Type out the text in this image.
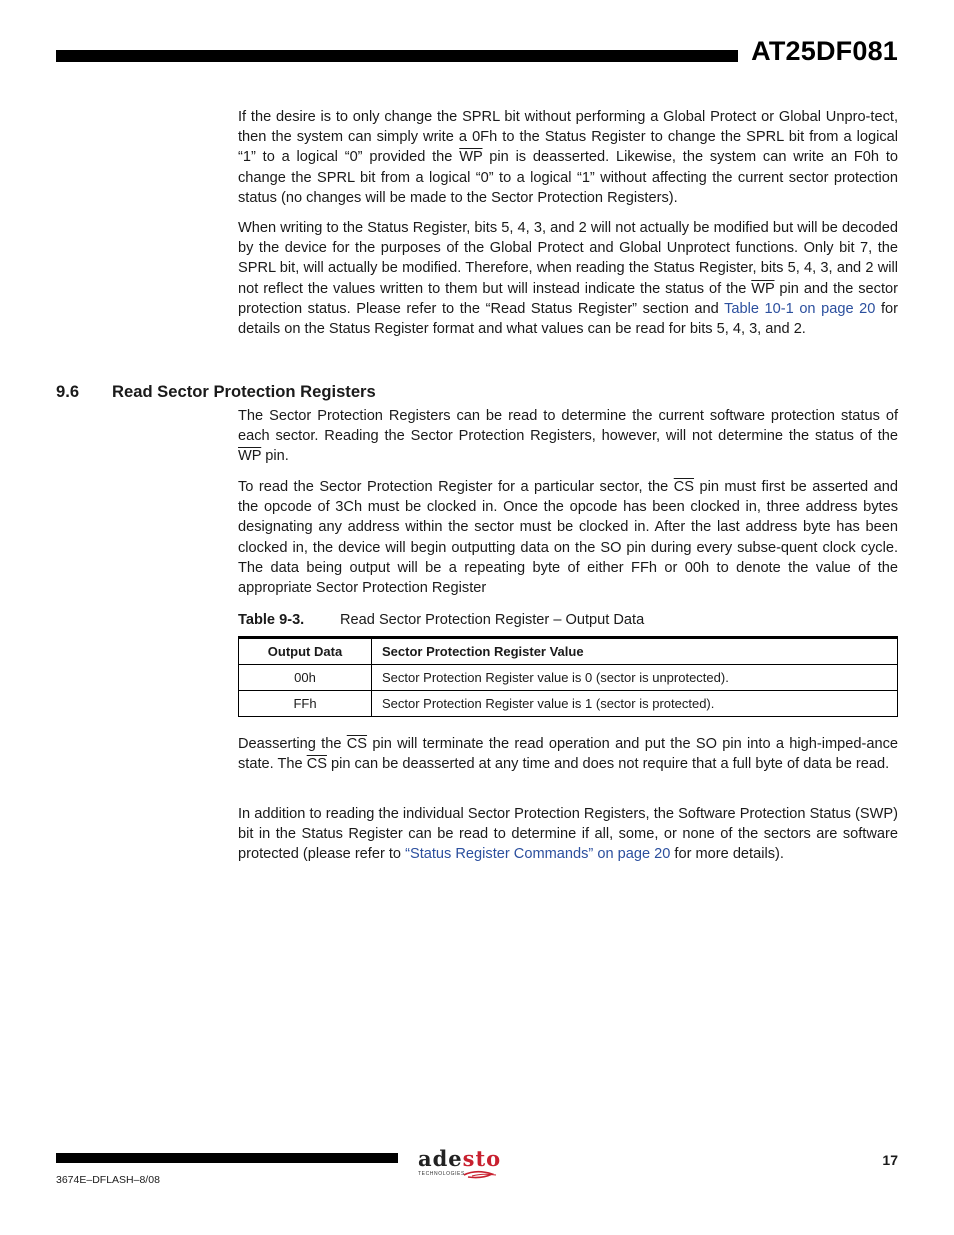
AT25DF081

If the desire is to only change the SPRL bit without performing a Global Protect or Global Unpro-tect, then the system can simply write a 0Fh to the Status Register to change the SPRL bit from a logical “1” to a logical “0” provided the $\overline{WP}$ pin is deasserted. Likewise, the system can write an F0h to change the SPRL bit from a logical “0” to a logical “1” without affecting the current sector protection status (no changes will be made to the Sector Protection Registers).

When writing to the Status Register, bits 5, 4, 3, and 2 will not actually be modified but will be decoded by the device for the purposes of the Global Protect and Global Unprotect functions. Only bit 7, the SPRL bit, will actually be modified. Therefore, when reading the Status Register, bits 5, 4, 3, and 2 will not reflect the values written to them but will instead indicate the status of the $\overline{WP}$ pin and the sector protection status. Please refer to the “Read Status Register” section and Table 10-1 on page 20 for details on the Status Register format and what values can be read for bits 5, 4, 3, and 2.

9.6 Read Sector Protection Registers

The Sector Protection Registers can be read to determine the current software protection status of each sector. Reading the Sector Protection Registers, however, will not determine the status of the $\overline{WP}$ pin.

To read the Sector Protection Register for a particular sector, the $\overline{CS}$ pin must first be asserted and the opcode of 3Ch must be clocked in. Once the opcode has been clocked in, three address bytes designating any address within the sector must be clocked in. After the last address byte has been clocked in, the device will begin outputting data on the SO pin during every subse-quent clock cycle. The data being output will be a repeating byte of either FFh or 00h to denote the value of the appropriate Sector Protection Register

Table 9-3. Read Sector Protection Register – Output Data
Output Data	Sector Protection Register Value
00h	Sector Protection Register value is 0 (sector is unprotected).
FFh	Sector Protection Register value is 1 (sector is protected).

Deasserting the $\overline{CS}$ pin will terminate the read operation and put the SO pin into a high-imped-ance state. The $\overline{CS}$ pin can be deasserted at any time and does not require that a full byte of data be read.

In addition to reading the individual Sector Protection Registers, the Software Protection Status (SWP) bit in the Status Register can be read to determine if all, some, or none of the sectors are software protected (please refer to “Status Register Commands” on page 20 for more details).

adesto
TECHNOLOGIES
17
3674E–DFLASH–8/08
